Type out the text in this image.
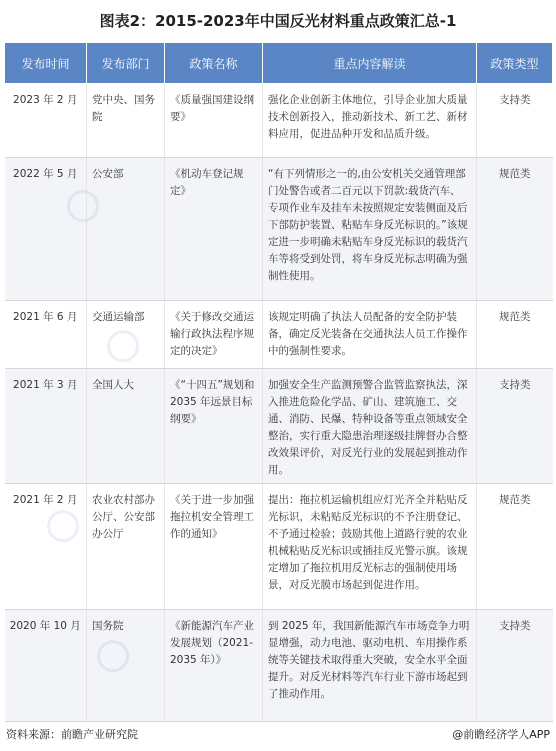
图表2：2015-2023年中国反光材料重点政策汇总-1
发布时间	发布部门	政策名称	重点内容解读	政策类型
2023 年 2 月	党中央、国务院	《质量强国建设纲要》	强化企业创新主体地位，引导企业加大质量技术创新投入，推动新技术、新工艺、新材料应用，促进品种开发和品质升级。	支持类
2022 年 5 月	公安部	《机动车登记规定》	“有下列情形之一的,由公安机关交通管理部门处警告或者二百元以下罚款:载货汽车、专项作业车及挂车未按照规定安装侧面及后下部防护装置、粘贴车身反光标识的。”该规定进一步明确未粘贴车身反光标识的载货汽车等将受到处罚，将车身反光标志明确为强制性使用。	规范类
2021 年 6 月	交通运输部	《关于修改交通运输行政执法程序规定的决定》	该规定明确了执法人员配备的安全防护装备，确定反光装备在交通执法人员工作操作中的强制性要求。	规范类
2021 年 3 月	全国人大	《“十四五”规划和 2035 年远景目标纲要》	加强安全生产监测预警合监管监察执法，深入推进危险化学品、矿山、建筑施工、交通、消防、民爆、特种设备等重点领域安全整治，实行重大隐患治理逐级挂牌督办合整改效果评价，对反光行业的发展起到推动作用。	支持类
2021 年 2 月	农业农村部办公厅、公安部办公厅	《关于进一步加强拖拉机安全管理工作的通知》	提出：拖拉机运输机组应灯光齐全并粘贴反光标识，未粘贴反光标识的不予注册登记、不予通过检验；鼓励其他上道路行驶的农业机械粘贴反光标识或插挂反光警示旗。该规定增加了拖拉机用反光标志的强制使用场景，对反光膜市场起到促进作用。	规范类
2020 年 10 月	国务院	《新能源汽车产业发展规划（2021-2035 年）》	到 2025 年，我国新能源汽车市场竞争力明显增强，动力电池、驱动电机、车用操作系统等关键技术取得重大突破，安全水平全面提升。对反光材料等汽车行业下游市场起到了推动作用。	支持类
资料来源：前瞻产业研究院	@前瞻经济学人APP
